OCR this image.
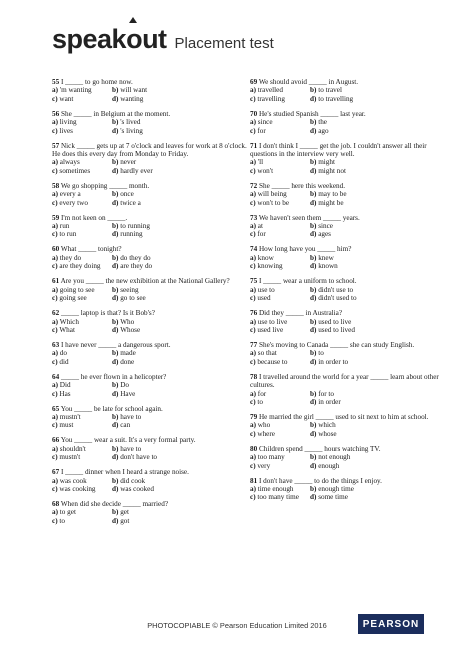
speak o ut Placement test
55 I _____ to go home now.
a) 'm wanting	b) will want
c) want	d) wanting
56 She _____ in Belgium at the moment.
a) living	b) 's lived
c) lives	d) 's living
57 Nick _____ gets up at 7 o'clock and leaves for work at 8 o'clock. He does this every day from Monday to Friday.
a) always	b) never
c) sometimes	d) hardly ever
58 We go shopping _____ month.
a) every a	b) once
c) every two	d) twice a
59 I'm not keen on _____.
a) run	b) to running
c) to run	d) running
60 What _____ tonight?
a) they do	b) do they do
c) are they doing	d) are they do
61 Are you _____ the new exhibition at the National Gallery?
a) going to see	b) seeing
c) going see	d) go to see
62 _____ laptop is that? Is it Bob's?
a) Which	b) Who
c) What	d) Whose
63 I have never _____ a dangerous sport.
a) do	b) made
c) did	d) done
64 _____ he ever flown in a helicopter?
a) Did	b) Do
c) Has	d) Have
65 You _____ be late for school again.
a) mustn't	b) have to
c) must	d) can
66 You _____ wear a suit. It's a very formal party.
a) shouldn't	b) have to
c) mustn't	d) don't have to
67 I _____ dinner when I heard a strange noise.
a) was cook	b) did cook
c) was cooking	d) was cooked
68 When did she decide _____ married?
a) to get	b) get
c) to	d) got
69 We should avoid _____ in August.
a) travelled	b) to travel
c) travelling	d) to travelling
70 He's studied Spanish _____ last year.
a) since	b) the
c) for	d) ago
71 I don't think I _____ get the job. I couldn't answer all their questions in the interview very well.
a) 'll	b) might
c) won't	d) might not
72 She _____ here this weekend.
a) will being	b) may to be
c) won't to be	d) might be
73 We haven't seen them _____ years.
a) at	b) since
c) for	d) ages
74 How long have you _____ him?
a) know	b) knew
c) knowing	d) known
75 I _____ wear a uniform to school.
a) use to	b) didn't use to
c) used	d) didn't used to
76 Did they _____ in Australia?
a) use to live	b) used to live
c) used live	d) used to lived
77 She's moving to Canada _____ she can study English.
a) so that	b) to
c) because to	d) in order to
78 I travelled around the world for a year _____ learn about other cultures.
a) for	b) for to
c) to	d) in order
79 He married the girl _____ used to sit next to him at school.
a) who	b) which
c) where	d) whose
80 Children spend _____ hours watching TV.
a) too many	b) not enough
c) very	d) enough
81 I don't have _____ to do the things I enjoy.
a) time enough	b) enough time
c) too many time	d) some time
PHOTOCOPIABLE © Pearson Education Limited 2016	PEARSON
